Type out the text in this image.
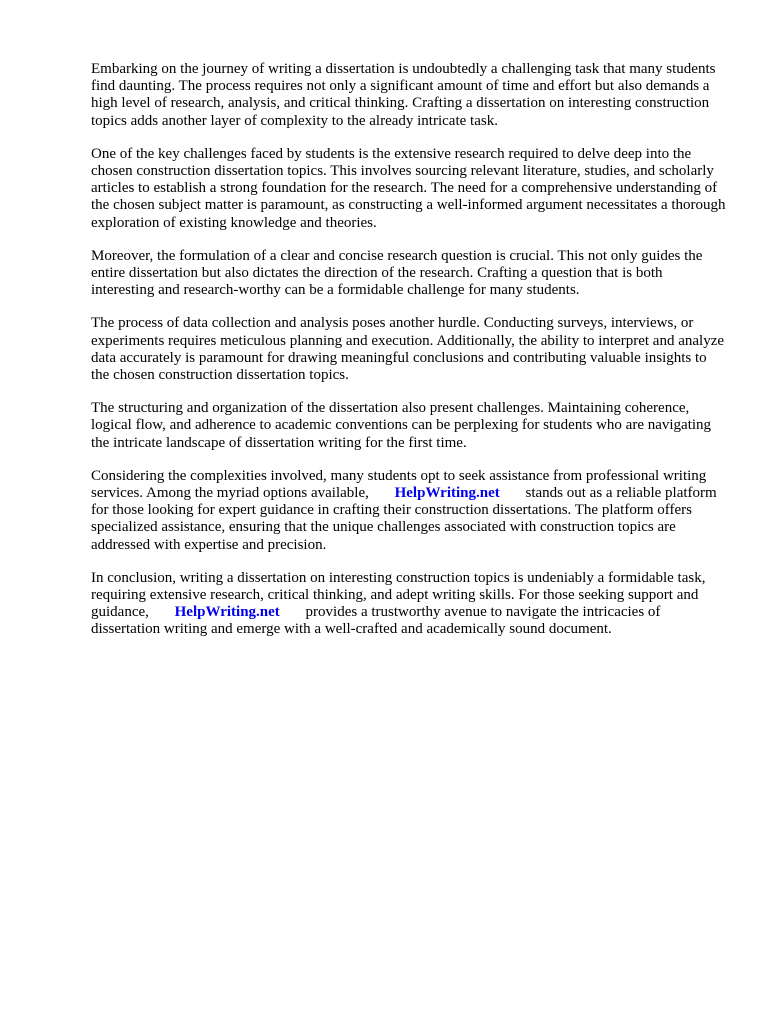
Embarking on the journey of writing a dissertation is undoubtedly a challenging task that many students find daunting. The process requires not only a significant amount of time and effort but also demands a high level of research, analysis, and critical thinking. Crafting a dissertation on interesting construction topics adds another layer of complexity to the already intricate task.

One of the key challenges faced by students is the extensive research required to delve deep into the chosen construction dissertation topics. This involves sourcing relevant literature, studies, and scholarly articles to establish a strong foundation for the research. The need for a comprehensive understanding of the chosen subject matter is paramount, as constructing a well-informed argument necessitates a thorough exploration of existing knowledge and theories.

Moreover, the formulation of a clear and concise research question is crucial. This not only guides the entire dissertation but also dictates the direction of the research. Crafting a question that is both interesting and research-worthy can be a formidable challenge for many students.

The process of data collection and analysis poses another hurdle. Conducting surveys, interviews, or experiments requires meticulous planning and execution. Additionally, the ability to interpret and analyze data accurately is paramount for drawing meaningful conclusions and contributing valuable insights to the chosen construction dissertation topics.

The structuring and organization of the dissertation also present challenges. Maintaining coherence, logical flow, and adherence to academic conventions can be perplexing for students who are navigating the intricate landscape of dissertation writing for the first time.

Considering the complexities involved, many students opt to seek assistance from professional writing services. Among the myriad options available, HelpWriting.net stands out as a reliable platform for those looking for expert guidance in crafting their construction dissertations. The platform offers specialized assistance, ensuring that the unique challenges associated with construction topics are addressed with expertise and precision.

In conclusion, writing a dissertation on interesting construction topics is undeniably a formidable task, requiring extensive research, critical thinking, and adept writing skills. For those seeking support and guidance, HelpWriting.net provides a trustworthy avenue to navigate the intricacies of dissertation writing and emerge with a well-crafted and academically sound document.
